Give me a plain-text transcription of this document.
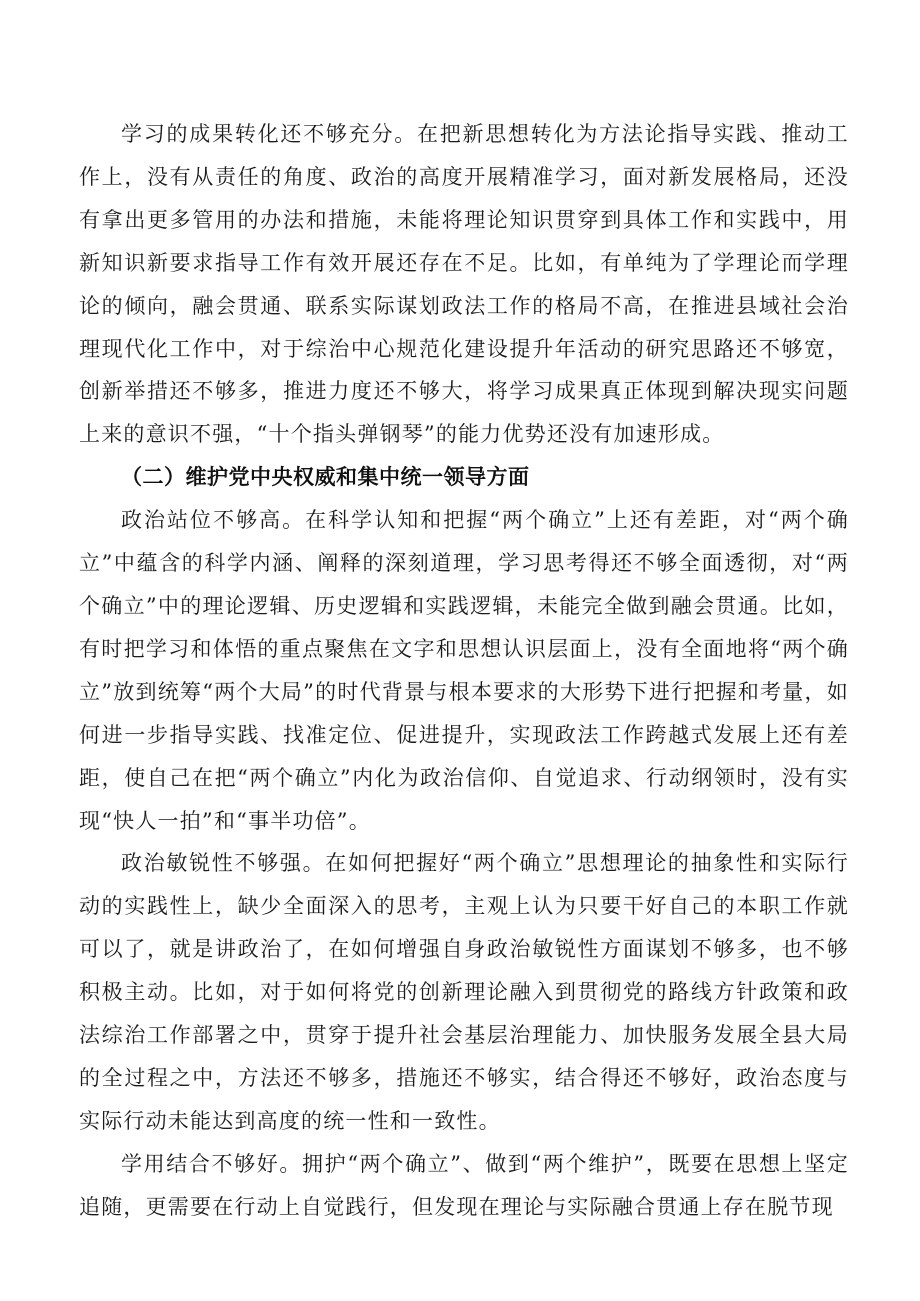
学习的成果转化还不够充分。在把新思想转化为方法论指导实践、推动工作上，没有从责任的角度、政治的高度开展精准学习，面对新发展格局，还没有拿出更多管用的办法和措施，未能将理论知识贯穿到具体工作和实践中，用新知识新要求指导工作有效开展还存在不足。比如，有单纯为了学理论而学理论的倾向，融会贯通、联系实际谋划政法工作的格局不高，在推进县域社会治理现代化工作中，对于综治中心规范化建设提升年活动的研究思路还不够宽，创新举措还不够多，推进力度还不够大，将学习成果真正体现到解决现实问题上来的意识不强，“十个指头弹钢琴”的能力优势还没有加速形成。

（二）维护党中央权威和集中统一领导方面

政治站位不够高。在科学认知和把握“两个确立”上还有差距，对“两个确立”中蕴含的科学内涵、阐释的深刻道理，学习思考得还不够全面透彻，对“两个确立”中的理论逻辑、历史逻辑和实践逻辑，未能完全做到融会贯通。比如，有时把学习和体悟的重点聚焦在文字和思想认识层面上，没有全面地将“两个确立”放到统筹“两个大局”的时代背景与根本要求的大形势下进行把握和考量，如何进一步指导实践、找准定位、促进提升，实现政法工作跨越式发展上还有差距，使自己在把“两个确立”内化为政治信仰、自觉追求、行动纲领时，没有实现“快人一拍”和“事半功倍”。

政治敏锐性不够强。在如何把握好“两个确立”思想理论的抽象性和实际行动的实践性上，缺少全面深入的思考，主观上认为只要干好自己的本职工作就可以了，就是讲政治了，在如何增强自身政治敏锐性方面谋划不够多，也不够积极主动。比如，对于如何将党的创新理论融入到贯彻党的路线方针政策和政法综治工作部署之中，贯穿于提升社会基层治理能力、加快服务发展全县大局的全过程之中，方法还不够多，措施还不够实，结合得还不够好，政治态度与实际行动未能达到高度的统一性和一致性。

学用结合不够好。拥护“两个确立”、做到“两个维护”，既要在思想上坚定追随，更需要在行动上自觉践行，但发现在理论与实际融合贯通上存在脱节现
